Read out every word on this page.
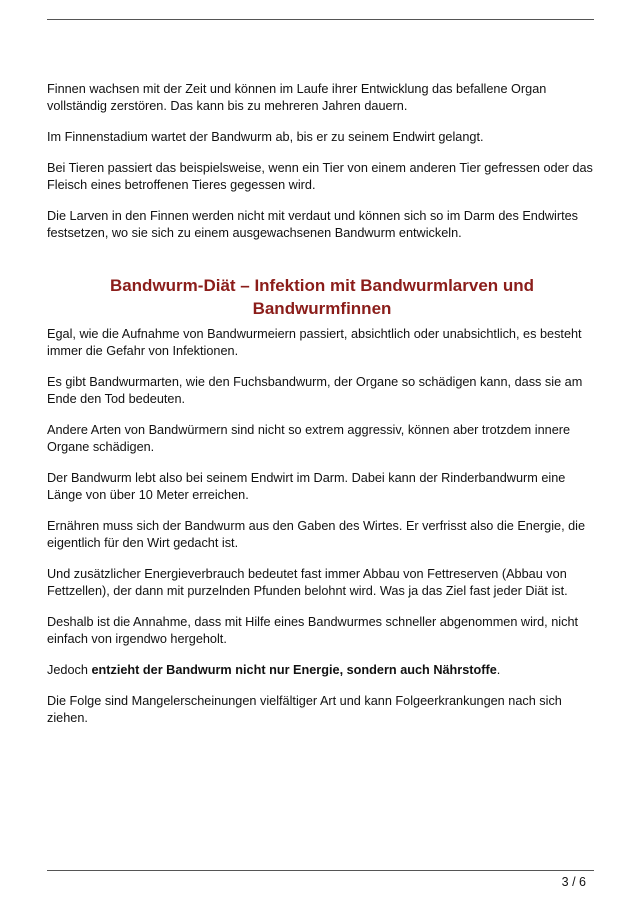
Finnen wachsen mit der Zeit und können im Laufe ihrer Entwicklung das befallene Organ vollständig zerstören. Das kann bis zu mehreren Jahren dauern.

Im Finnenstadium wartet der Bandwurm ab, bis er zu seinem Endwirt gelangt.

Bei Tieren passiert das beispielsweise, wenn ein Tier von einem anderen Tier gefressen oder das Fleisch eines betroffenen Tieres gegessen wird.

Die Larven in den Finnen werden nicht mit verdaut und können sich so im Darm des Endwirtes festsetzen, wo sie sich zu einem ausgewachsenen Bandwurm entwickeln.

Bandwurm-Diät – Infektion mit Bandwurmlarven und
Bandwurmfinnen

Egal, wie die Aufnahme von Bandwurmeiern passiert, absichtlich oder unabsichtlich, es besteht immer die Gefahr von Infektionen.

Es gibt Bandwurmarten, wie den Fuchsbandwurm, der Organe so schädigen kann, dass sie am Ende den Tod bedeuten.

Andere Arten von Bandwürmern sind nicht so extrem aggressiv, können aber trotzdem innere Organe schädigen.

Der Bandwurm lebt also bei seinem Endwirt im Darm. Dabei kann der Rinderbandwurm eine Länge von über 10 Meter erreichen.

Ernähren muss sich der Bandwurm aus den Gaben des Wirtes. Er verfrisst also die Energie, die eigentlich für den Wirt gedacht ist.

Und zusätzlicher Energieverbrauch bedeutet fast immer Abbau von Fettreserven (Abbau von Fettzellen), der dann mit purzelnden Pfunden belohnt wird. Was ja das Ziel fast jeder Diät ist.

Deshalb ist die Annahme, dass mit Hilfe eines Bandwurmes schneller abgenommen wird, nicht einfach von irgendwo hergeholt.

Jedoch entzieht der Bandwurm nicht nur Energie, sondern auch Nährstoffe.

Die Folge sind Mangelerscheinungen vielfältiger Art und kann Folgeerkrankungen nach sich ziehen.

3 / 6
